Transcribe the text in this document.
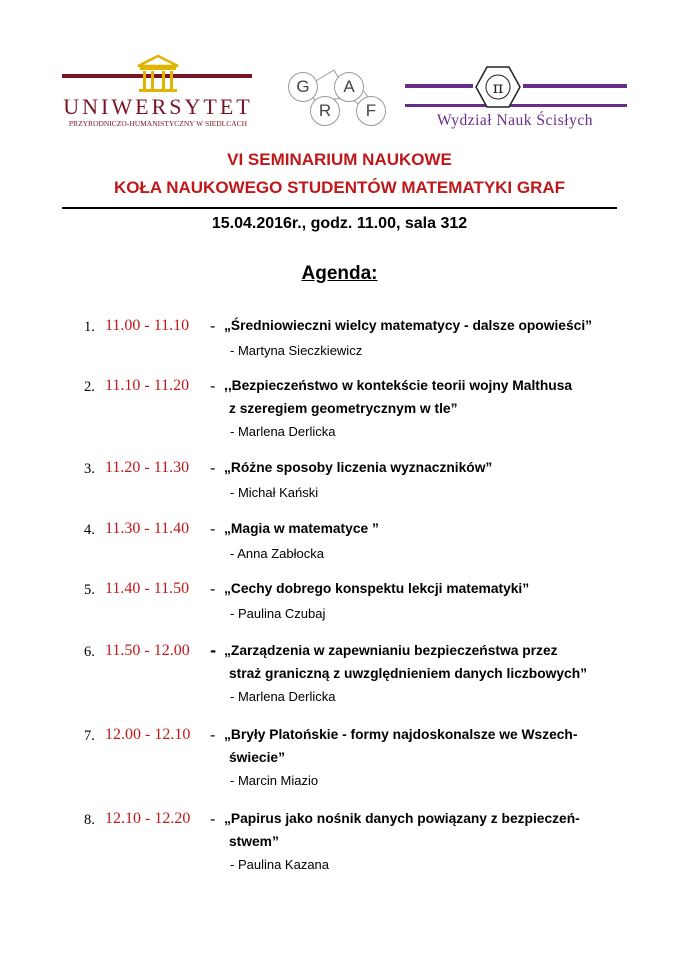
UNIWERSYTET
PRZYRODNICZO-HUMANISTYCZNY W SIEDLCACH
G
R
A
F
π
Wydział Nauk Ścisłych
VI SEMINARIUM NAUKOWE
KOŁA NAUKOWEGO STUDENTÓW MATEMATYKI GRAF
15.04.2016r., godz. 11.00, sala 312
Agenda:
1. 11.00 - 11.10 - „Średniowieczni wielcy matematycy - dalsze opowieści”
- Martyna Sieczkiewicz
2. 11.10 - 11.20 - ,,Bezpieczeństwo w kontekście teorii wojny Malthusa
z szeregiem geometrycznym w tle”
- Marlena Derlicka
3. 11.20 - 11.30 - „Różne sposoby liczenia wyznaczników”
- Michał Kański
4. 11.30 - 11.40 - „Magia w matematyce ”
- Anna Zabłocka
5. 11.40 - 11.50 - „Cechy dobrego konspektu lekcji matematyki”
- Paulina Czubaj
6. 11.50 - 12.00 - „Zarządzenia w zapewnianiu bezpieczeństwa przez
straż graniczną z uwzględnieniem danych liczbowych”
- Marlena Derlicka
7. 12.00 - 12.10 - „Bryły Platońskie - formy najdoskonalsze we Wszech-
świecie”
- Marcin Miazio
8. 12.10 - 12.20 - „Papirus jako nośnik danych powiązany z bezpieczeń-
stwem”
- Paulina Kazana
